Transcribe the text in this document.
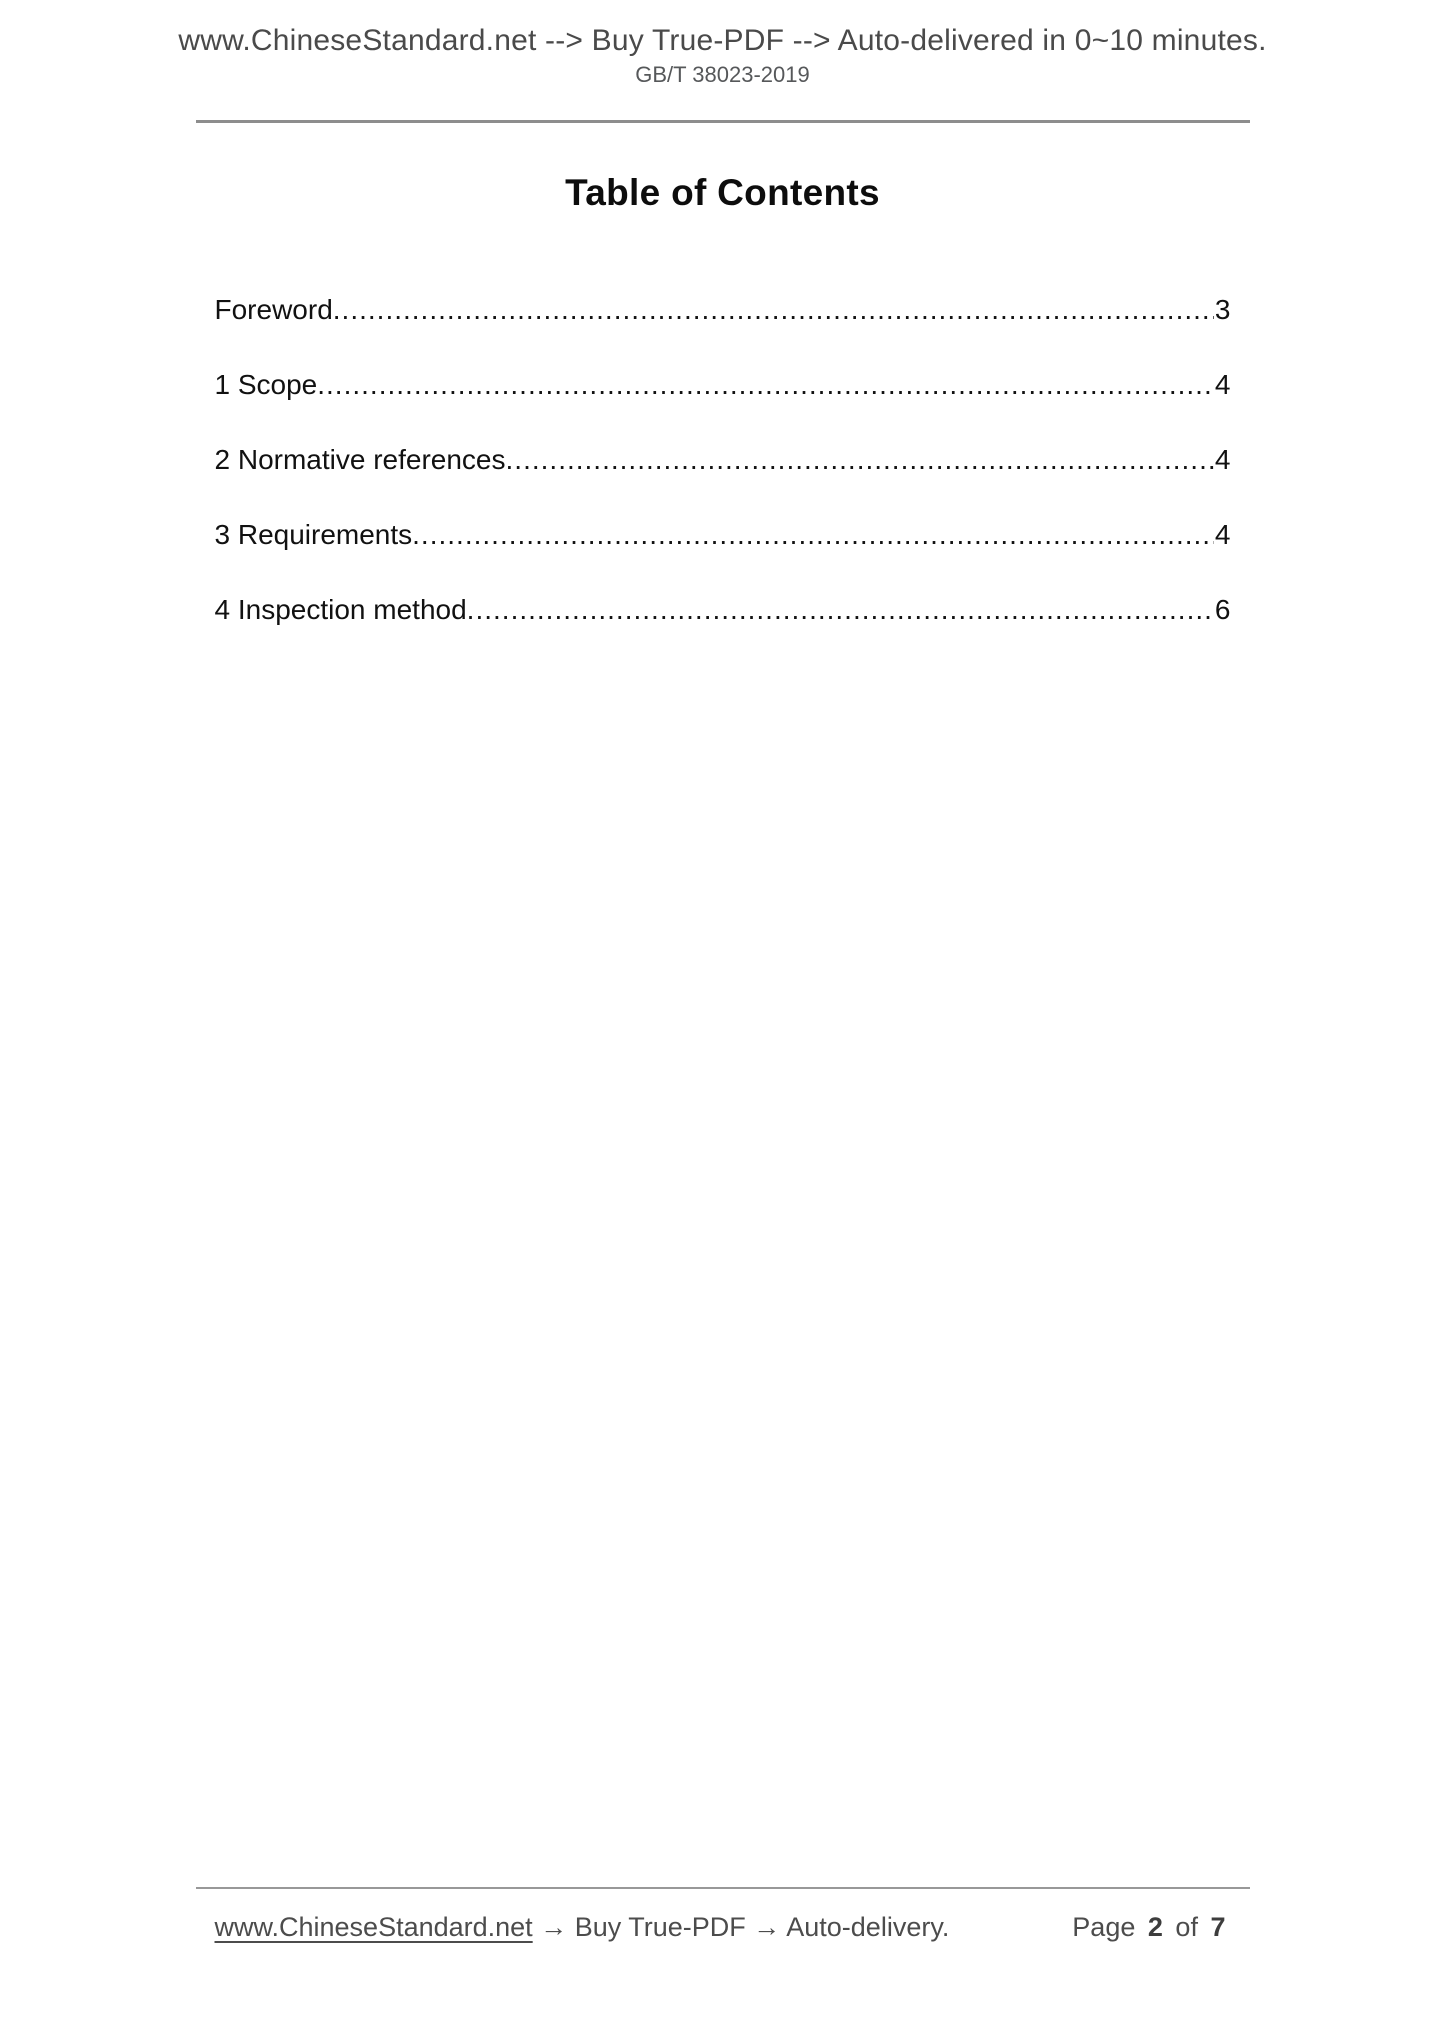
www.ChineseStandard.net --> Buy True-PDF --> Auto-delivered in 0~10 minutes.
GB/T 38023-2019
Table of Contents
Foreword .....	3
1 Scope .....	4
2 Normative references .....	4
3 Requirements .....	4
4 Inspection method .....	6
www.ChineseStandard.net → Buy True-PDF → Auto-delivery.	Page 2 of 7
